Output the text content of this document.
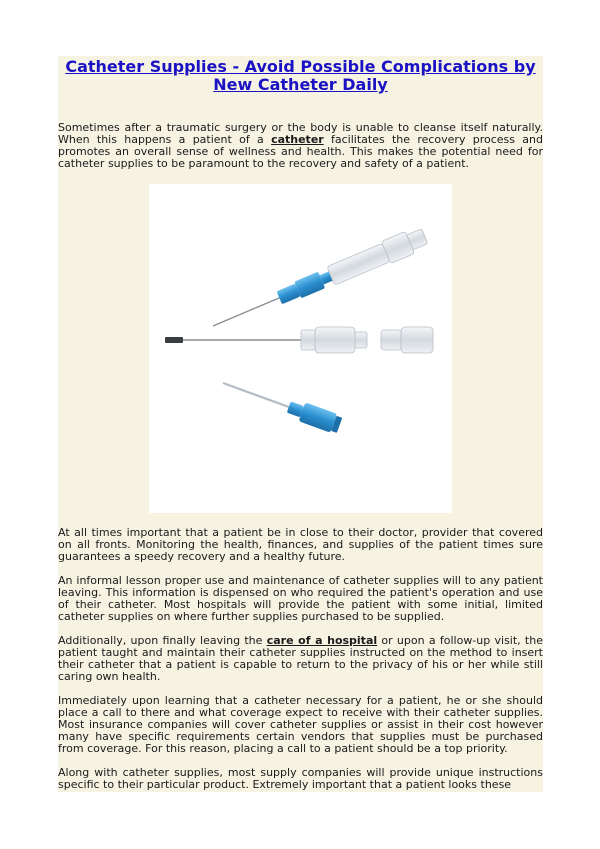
Catheter Supplies - Avoid Possible Complications by New Catheter Daily

Sometimes after a traumatic surgery or the body is unable to cleanse itself naturally. When this happens a patient of a catheter facilitates the recovery process and promotes an overall sense of wellness and health. This makes the potential need for catheter supplies to be paramount to the recovery and safety of a patient.

At all times important that a patient be in close to their doctor, provider that covered on all fronts. Monitoring the health, finances, and supplies of the patient times sure guarantees a speedy recovery and a healthy future.

An informal lesson proper use and maintenance of catheter supplies will to any patient leaving. This information is dispensed on who required the patient's operation and use of their catheter. Most hospitals will provide the patient with some initial, limited catheter supplies on where further supplies purchased to be supplied.

Additionally, upon finally leaving the care of a hospital or upon a follow-up visit, the patient taught and maintain their catheter supplies instructed on the method to insert their catheter that a patient is capable to return to the privacy of his or her while still caring own health.

Immediately upon learning that a catheter necessary for a patient, he or she should place a call to there and what coverage expect to receive with their catheter supplies. Most insurance companies will cover catheter supplies or assist in their cost however many have specific requirements certain vendors that supplies must be purchased from coverage. For this reason, placing a call to a patient should be a top priority.

Along with catheter supplies, most supply companies will provide unique instructions specific to their particular product. Extremely important that a patient looks these
